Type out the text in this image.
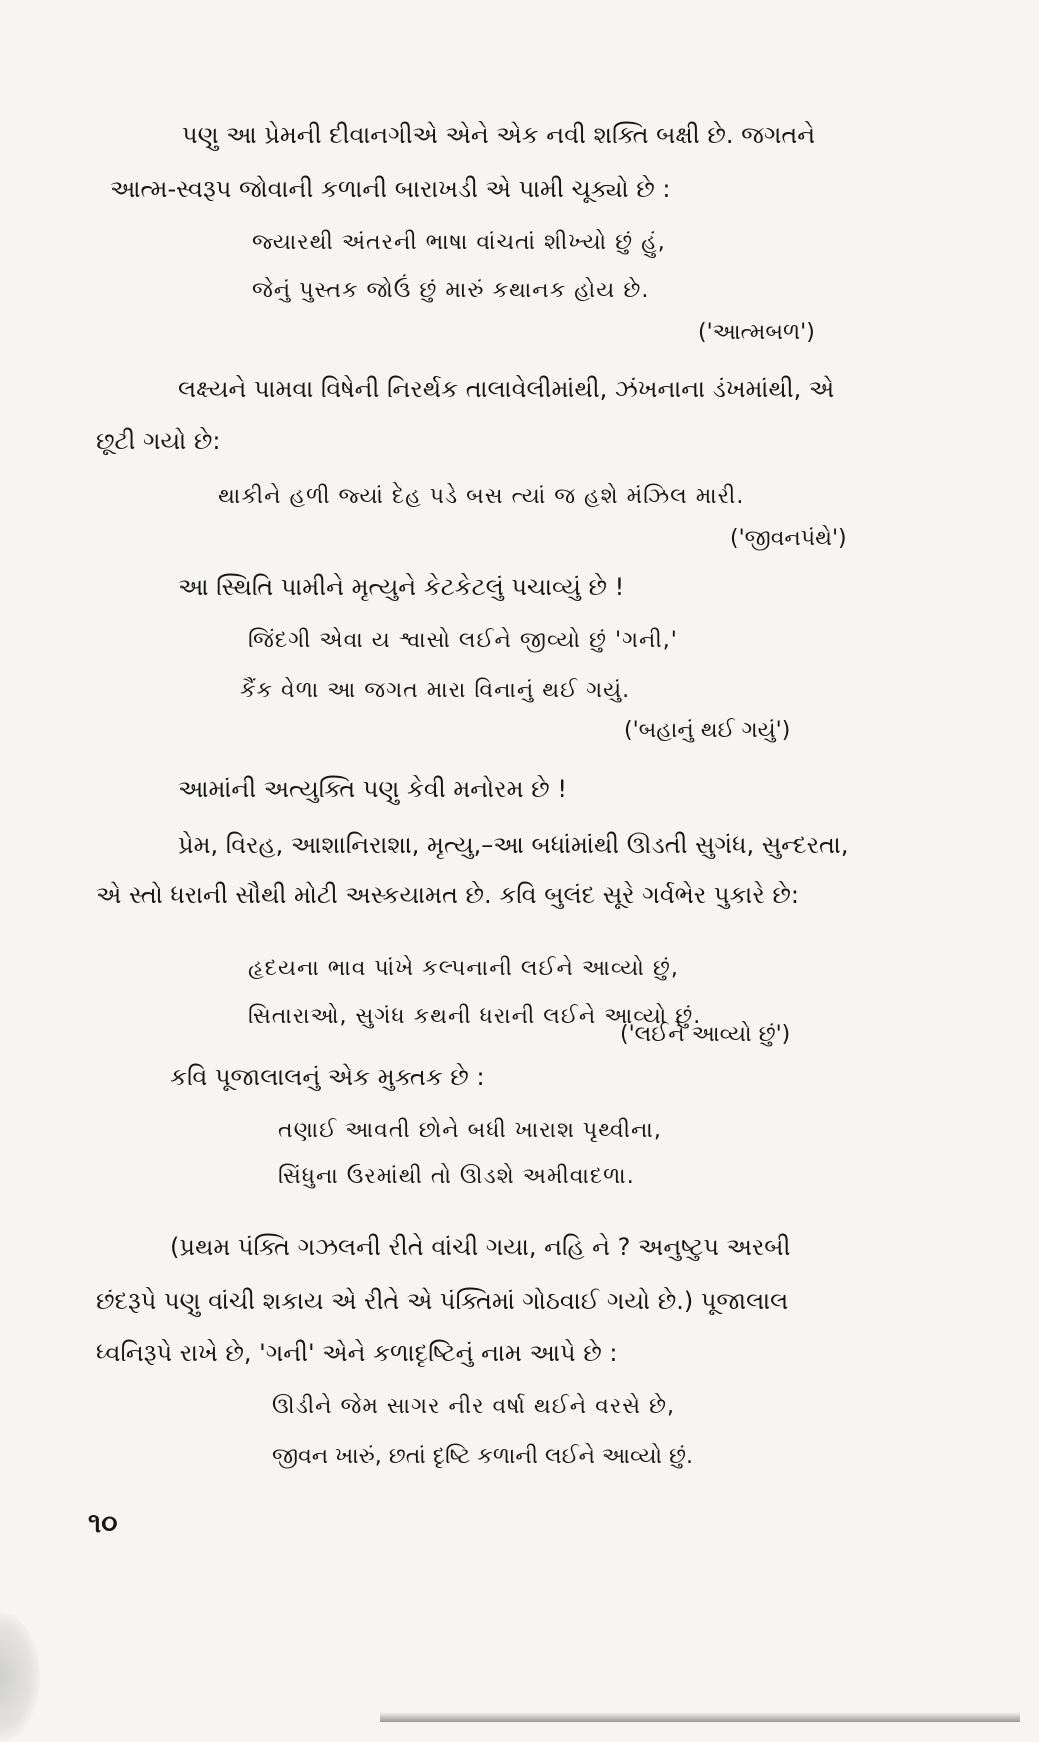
પણુ આ પ્રેમની દીવાનગીએ એને એક નવી શક્તિ બક્ષી છે. જગતને

આત્મ-સ્વરૂપ જોવાની કળાની બારાખડી એ પામી ચૂક્યો છે :

જ્યારથી અંતરની ભાષા વાંચતાં શીખ્યો છું હું,

જેનું પુસ્તક જોઉં છું મારું કથાનક હોય છે.

('આત્મબળ')

લક્ષ્યને પામવા વિષેની નિરર્થક તાલાવેલીમાંથી, ઝંખનાના ડંખમાંથી, એ

છૂટી ગયો છે:

થાકીને હળી જ્યાં દેહ પડે બસ ત્યાં જ હશે મંઝિલ મારી.

('જીવનપંથે')

આ સ્થિતિ પામીને મૃત્યુને કેટકેટલું પચાવ્યું છે !

જિંદગી એવા ય શ્વાસો લઈને જીવ્યો છું 'ગની,'

કૈંક વેળા આ જગત મારા વિનાનું થઈ ગયું.

('બહાનું થઈ ગયું')

આમાંની અત્યુક્તિ પણુ કેવી મનોરમ છે !

પ્રેમ, વિરહ, આશાનિરાશા, મૃત્યુ,–આ બધાંમાંથી ઊડતી સુગંધ, સુન્દરતા,

એ સ્તો ધરાની સૌથી મોટી અસ્કયામત છે. કવિ બુલંદ સૂરે ગર્વભેર પુકારે છે:

હૃદયના ભાવ પાંખે કલ્પનાની લઈને આવ્યો છું,

સિતારાઓ, સુગંધ કથની ધરાની લઈને આવ્યો છું.

('લઈને આવ્યો છું')

કવિ પૂજાલાલનું એક મુક્તક છે :

તણાઈ આવતી છોને બધી ખારાશ પૃથ્વીના,

સિંધુના ઉરમાંથી તો ઊડશે અમીવાદળા.

(પ્રથમ પંક્તિ ગઝલની રીતે વાંચી ગયા, નહિ ને ? અનુષ્ટુપ અરબી

છંદરૂપે પણુ વાંચી શકાય એ રીતે એ પંક્તિમાં ગોઠવાઈ ગયો છે.) પૂજાલાલ

ધ્વનિરૂપે રાખે છે, 'ગની' એને કળાદૃષ્ટિનું નામ આપે છે :

ઊડીને જેમ સાગર નીર વર્ષા થઈને વરસે છે,

જીવન ખારું, છતાં દૃષ્ટિ કળાની લઈને આવ્યો છું.

૧૦
